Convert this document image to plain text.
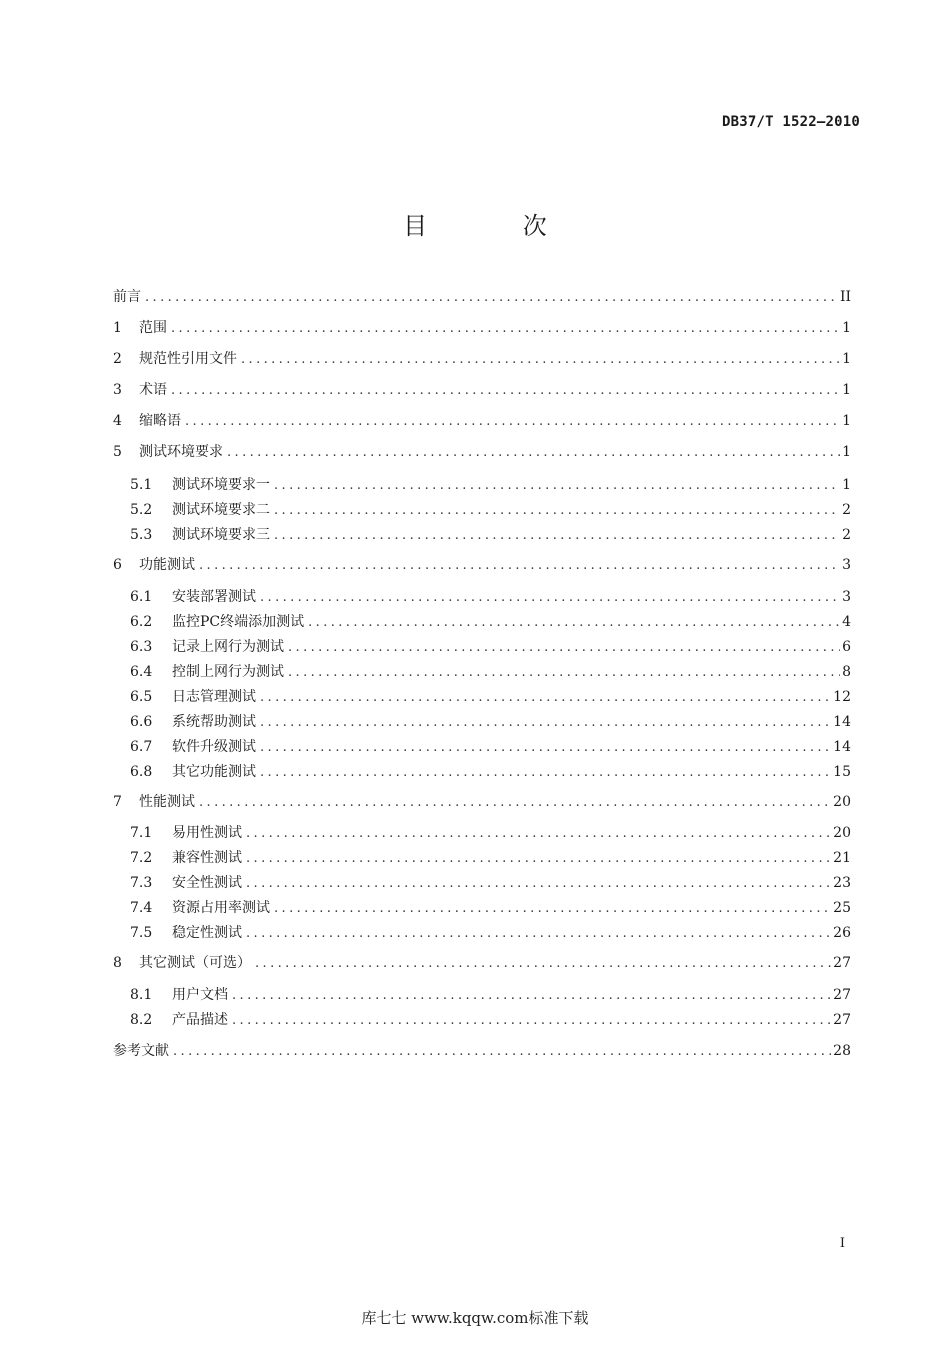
DB37/T 1522—2010
目 次
前言 .....	II
1	范围 .....	1
2	规范性引用文件 .....	1
3	术语 .....	1
4	缩略语 .....	1
5	测试环境要求 .....	1
5.1	测试环境要求一 .....	1
5.2	测试环境要求二 .....	2
5.3	测试环境要求三 .....	2
6	功能测试 .....	3
6.1	安装部署测试 .....	3
6.2	监控PC终端添加测试 .....	4
6.3	记录上网行为测试 .....	6
6.4	控制上网行为测试 .....	8
6.5	日志管理测试 .....	12
6.6	系统帮助测试 .....	14
6.7	软件升级测试 .....	14
6.8	其它功能测试 .....	15
7	性能测试 .....	20
7.1	易用性测试 .....	20
7.2	兼容性测试 .....	21
7.3	安全性测试 .....	23
7.4	资源占用率测试 .....	25
7.5	稳定性测试 .....	26
8	其它测试（可选） .....	27
8.1	用户文档 .....	27
8.2	产品描述 .....	27
参考文献 .....	28
I
库七七 www.kqqw.com标准下载
